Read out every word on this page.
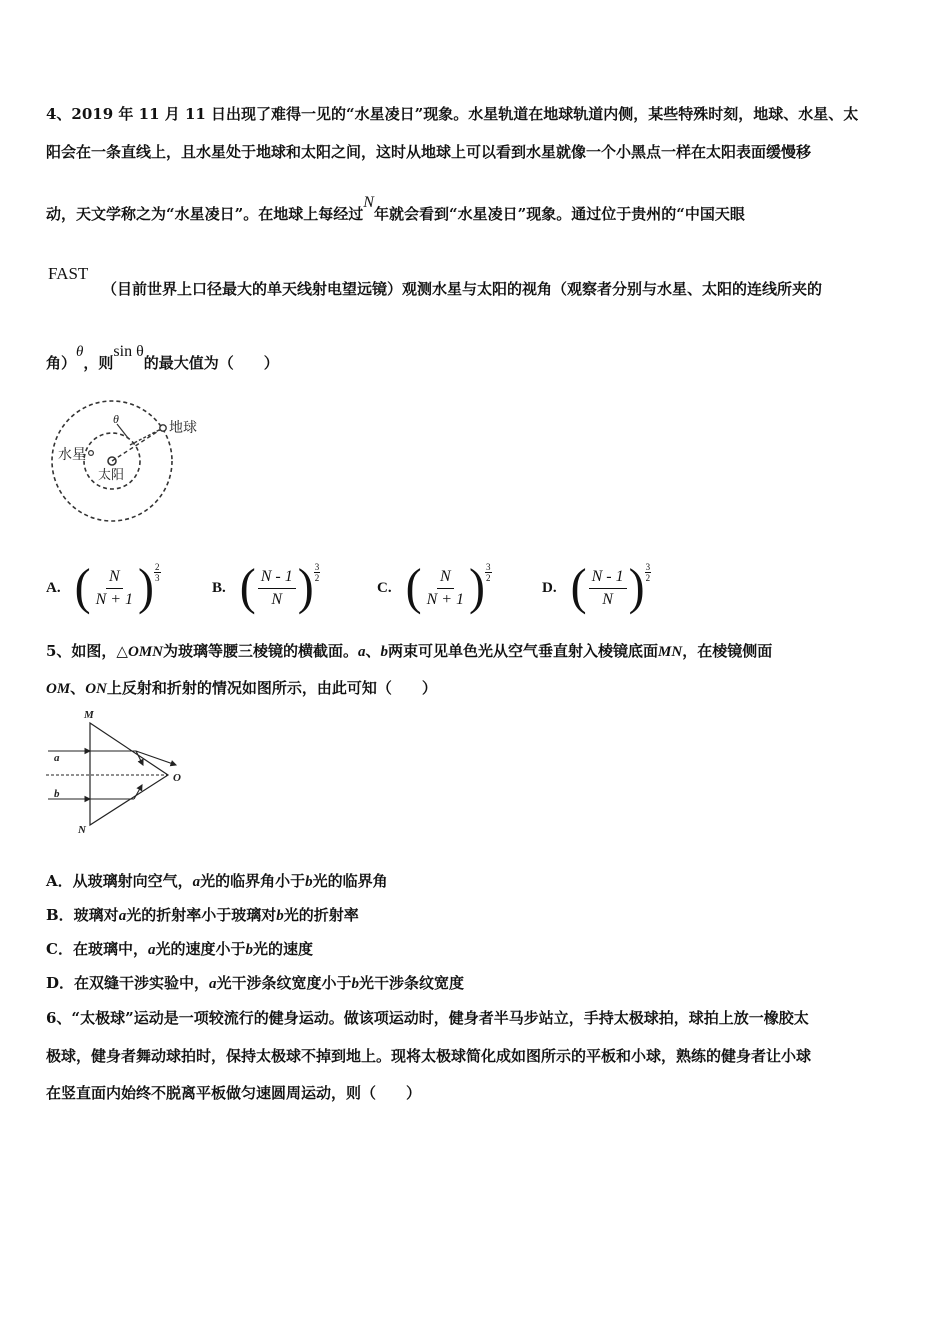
4、2019 年 11 月 11 日出现了难得一见的“水星凌日”现象。水星轨道在地球轨道内侧，某些特殊时刻，地球、水星、太
阳会在一条直线上，且水星处于地球和太阳之间，这时从地球上可以看到水星就像一个小黑点一样在太阳表面缓慢移
动，天文学称之为“水星凌日”。在地球上每经过N年就会看到“水星凌日”现象。通过位于贵州的“中国天眼
FAST
（目前世界上口径最大的单天线射电望远镜）观测水星与太阳的视角（观察者分别与水星、太阳的连线所夹的
角）θ，则sin θ的最大值为（　　）
θ
地球
水星
太阳
A. ( $\frac{N}{N + 1}$ ) $\frac{2}{3}$
B. ( $\frac{N - 1}{N}$ ) $\frac{3}{2}$
C. ( $\frac{N}{N + 1}$ ) $\frac{3}{2}$
D. ( $\frac{N - 1}{N}$ ) $\frac{3}{2}$
5、如图，△OMN为玻璃等腰三棱镜的横截面。a、b两束可见单色光从空气垂直射入棱镜底面MN，在棱镜侧面
OM、ON上反射和折射的情况如图所示，由此可知（　　）
M
N
O
a
b
A．从玻璃射向空气，a光的临界角小于b光的临界角
B．玻璃对a光的折射率小于玻璃对b光的折射率
C．在玻璃中，a光的速度小于b光的速度
D．在双缝干涉实验中，a光干涉条纹宽度小于b光干涉条纹宽度
6、“太极球”运动是一项较流行的健身运动。做该项运动时，健身者半马步站立，手持太极球拍，球拍上放一橡胶太
极球，健身者舞动球拍时，保持太极球不掉到地上。现将太极球简化成如图所示的平板和小球，熟练的健身者让小球
在竖直面内始终不脱离平板做匀速圆周运动，则（　　）
